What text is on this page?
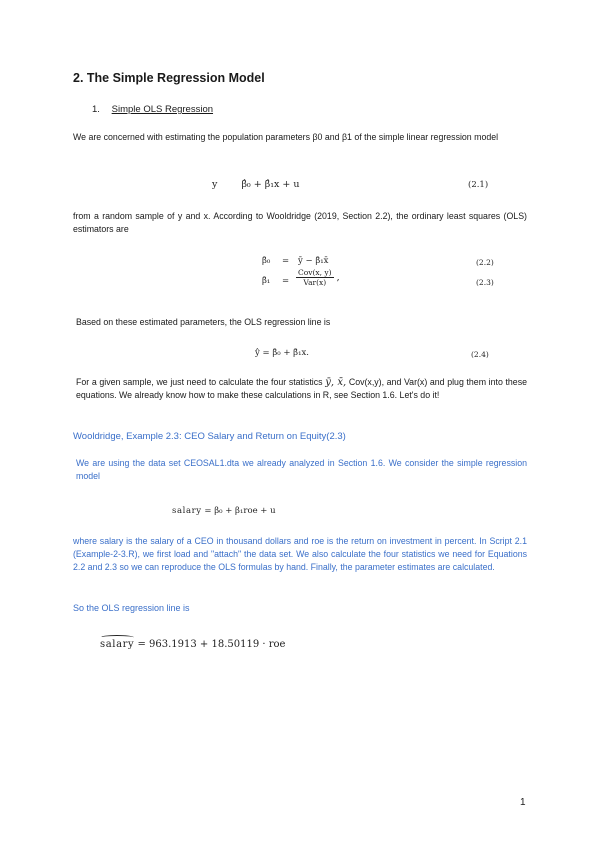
2. The Simple Regression Model
1. Simple OLS Regression
We are concerned with estimating the population parameters β0 and β1 of the simple linear regression model
y	β̂₀ + β̂₁x + u	(2.1)
from a random sample of y and x. According to Wooldridge (2019, Section 2.2), the ordinary least squares (OLS) estimators are
β̂₀ = ȳ − β̂₁x̄	(2.2)
β̂₁ = $\frac{\text{Cov(x, y)}}{\text{Var(x)}}$ ,	(2.3)
Based on these estimated parameters, the OLS regression line is
ŷ = β̂₀ + β̂₁x.	(2.4)
For a given sample, we just need to calculate the four statistics ȳ, x̄, Cov(x,y), and Var(x) and plug them into these equations. We already know how to make these calculations in R, see Section 1.6. Let's do it!
Wooldridge, Example 2.3: CEO Salary and Return on Equity(2.3)
We are using the data set CEOSAL1.dta we already analyzed in Section 1.6. We consider the simple regression model
salary = β₀ + β₁roe + u
where salary is the salary of a CEO in thousand dollars and roe is the return on investment in percent. In Script 2.1 (Example-2-3.R), we first load and "attach" the data set. We also calculate the four statistics we need for Equations 2.2 and 2.3 so we can reproduce the OLS formulas by hand. Finally, the parameter estimates are calculated.
So the OLS regression line is
salary = 963.1913 + 18.50119 · roe
1
